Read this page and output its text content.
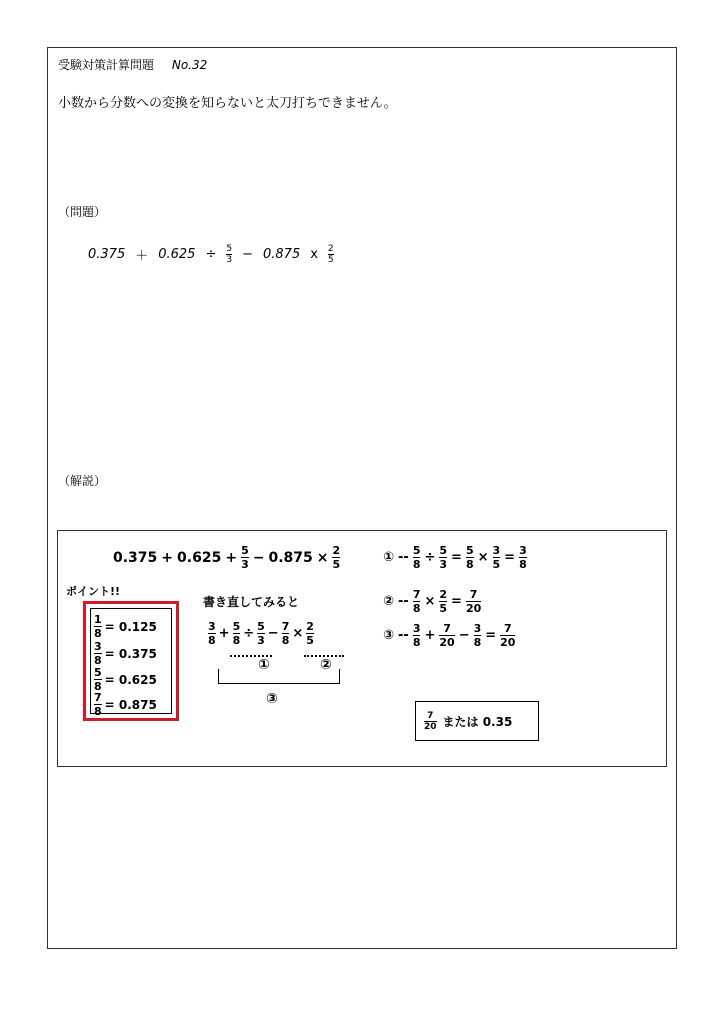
受験対策計算問題 No.32
小数から分数への変換を知らないと太刀打ちできません。
（問題）
$0.375 + 0.625 \div \frac{5}{3} - 0.875$ x $\frac{2}{5}$
（解説）
0.375 + 0.625 + 5
3 − 0.875 × 2
5
ポイント!!
1
8 = 0.125
3
8 = 0.375
5
8 = 0.625
7
8 = 0.875
書き直してみると
3
8 + 5
8 ÷ 5
3 − 7
8 × 2
5
①	②
③
① -- 5
8 ÷ 5
3 = 5
8 × 3
5 = 3
8
② -- 7
8 × 2
5 = 7
20
③ -- 3
8 + 7
20 − 3
8 = 7
20
7
20 または 0.35
